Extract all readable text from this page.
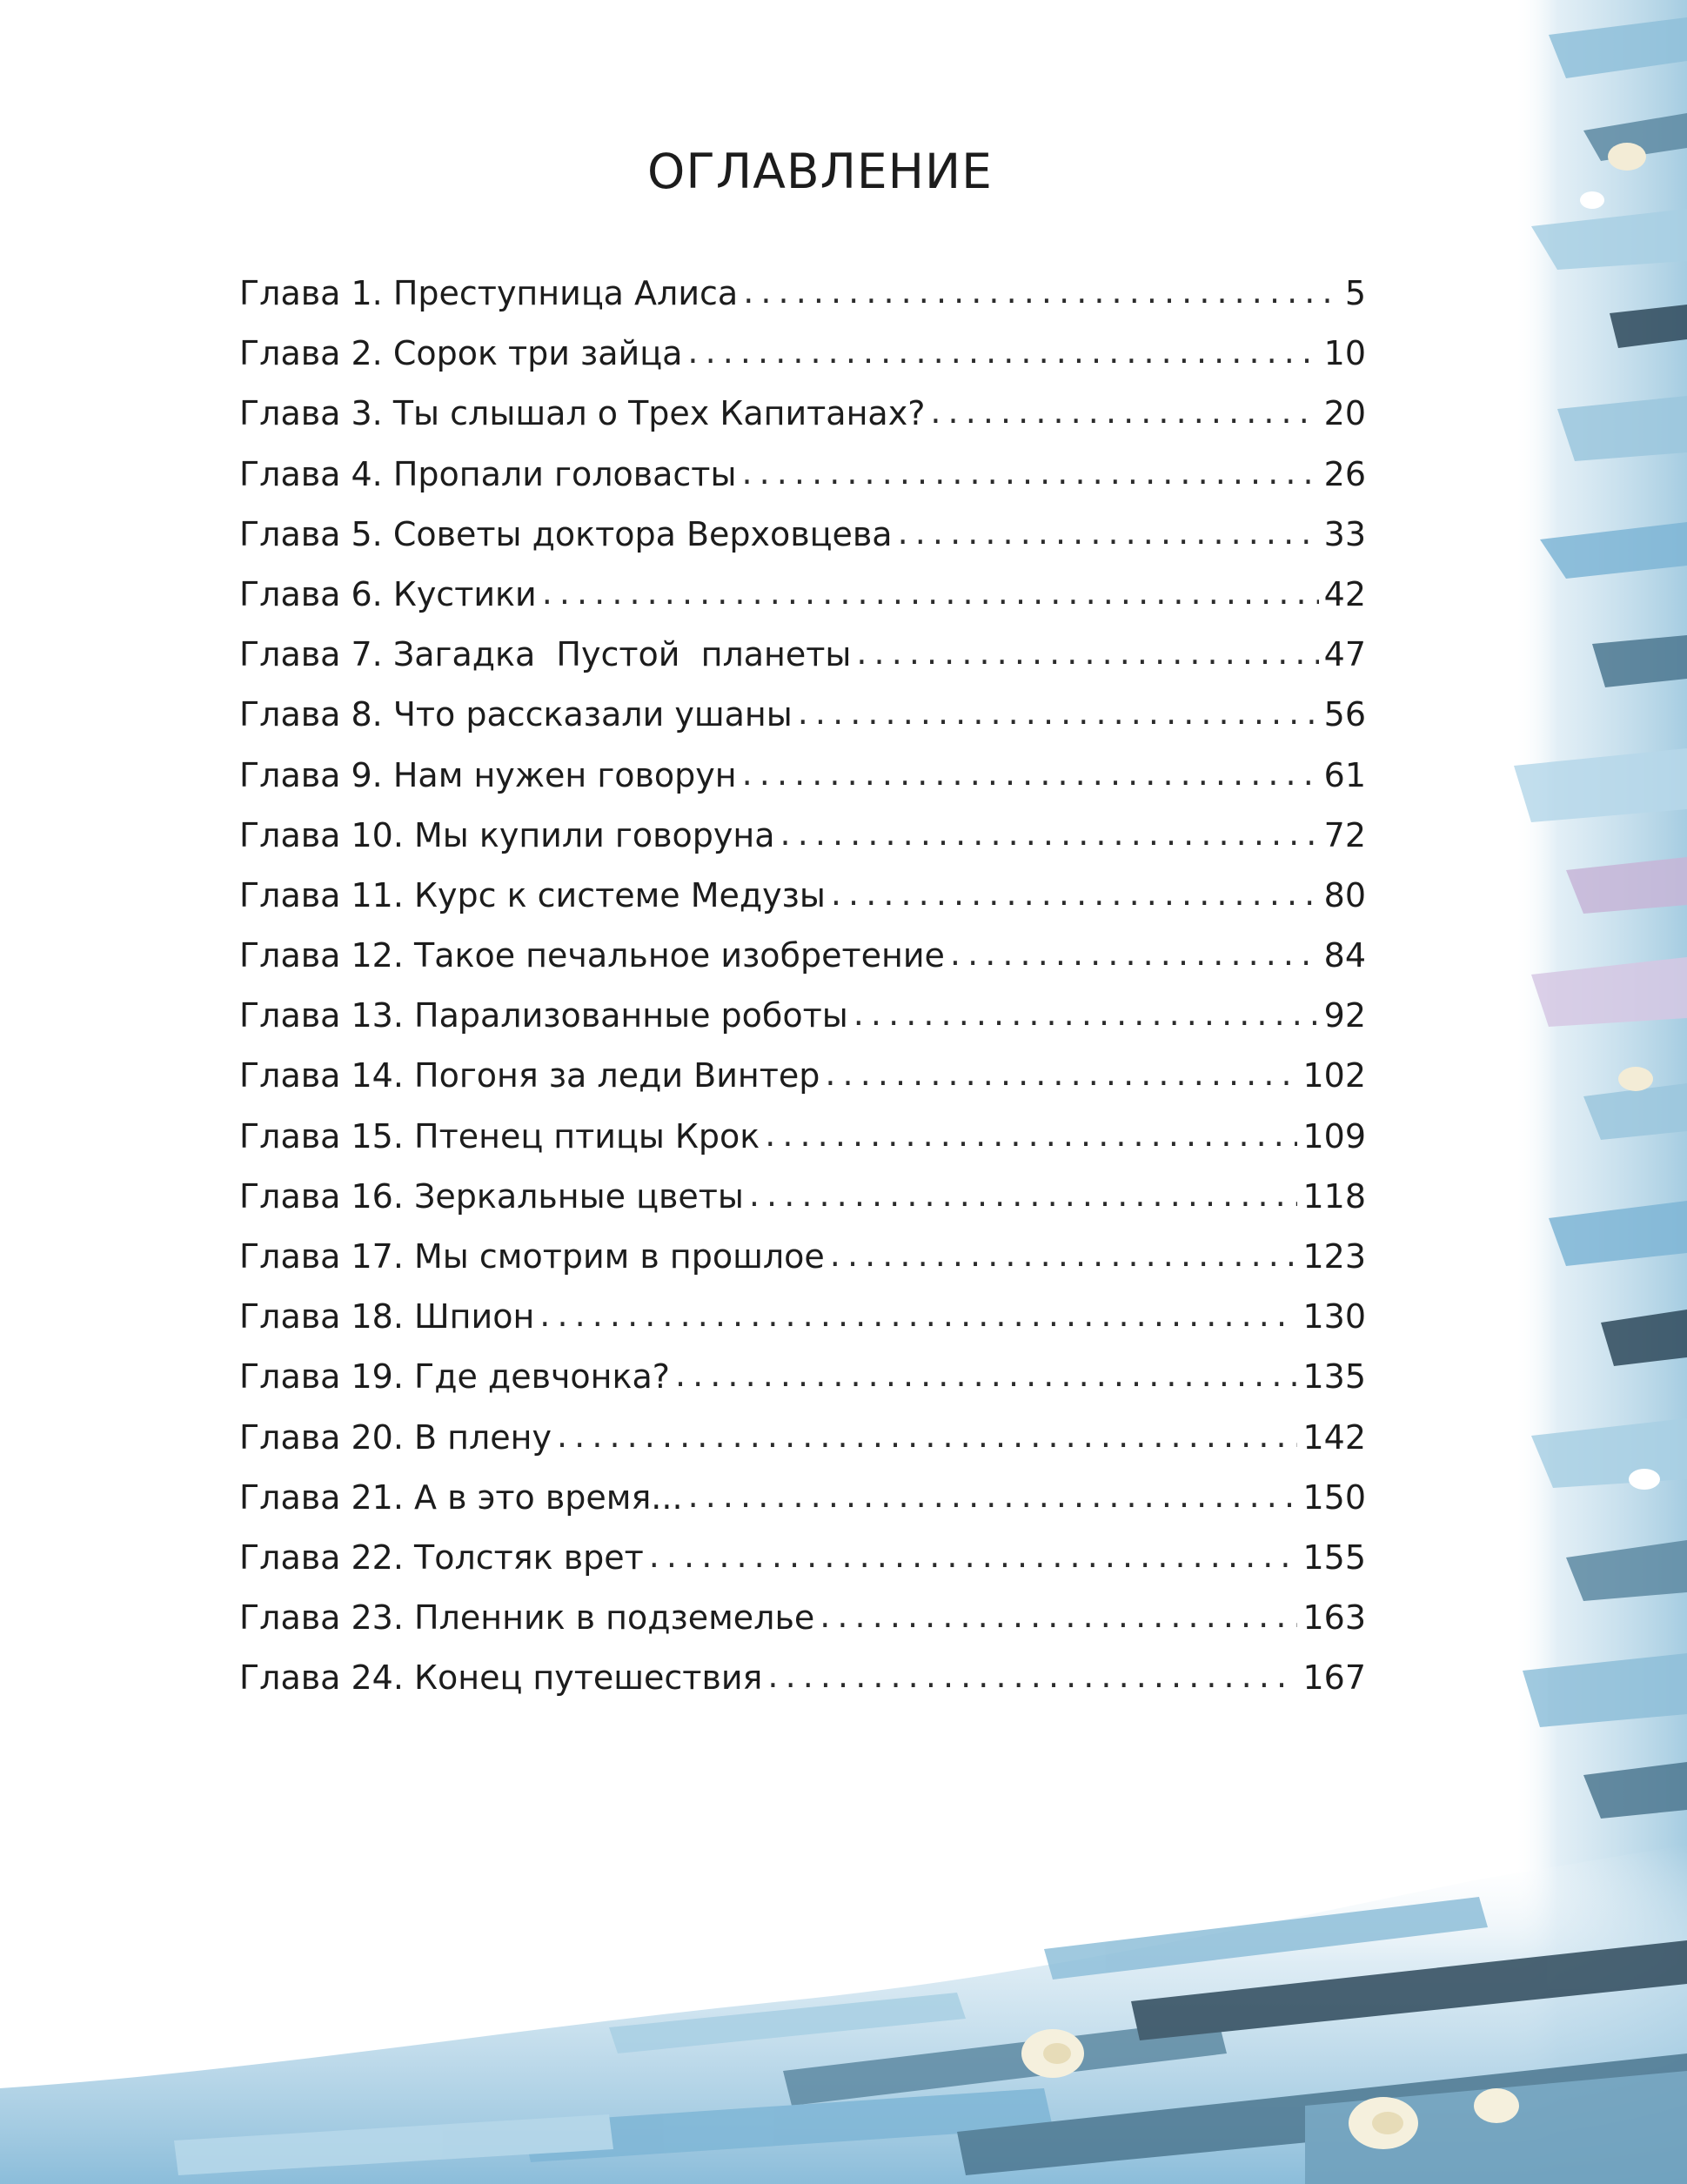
ОГЛАВЛЕНИЕ
Глава 1. Преступница Алиса . . .	5
Глава 2. Сорок три зайца . . .	10
Глава 3. Ты слышал о Трех Капитанах? . . .	20
Глава 4. Пропали головасты . . .	26
Глава 5. Советы доктора Верховцева . . .	33
Глава 6. Кустики . . .	42
Глава 7. Загадка  Пустой  планеты . . .	47
Глава 8. Что рассказали ушаны . . .	56
Глава 9. Нам нужен говорун . . .	61
Глава 10. Мы купили говоруна . . .	72
Глава 11. Курс к системе Медузы . . .	80
Глава 12. Такое печальное изобретение . . .	84
Глава 13. Парализованные роботы . . .	92
Глава 14. Погоня за леди Винтер . . .	102
Глава 15. Птенец птицы Крок . . .	109
Глава 16. Зеркальные цветы . . .	118
Глава 17. Мы смотрим в прошлое . . .	123
Глава 18. Шпион . . .	130
Глава 19. Где девчонка? . . .	135
Глава 20. В плену . . .	142
Глава 21. А в это время... . . .	150
Глава 22. Толстяк врет . . .	155
Глава 23. Пленник в подземелье . . .	163
Глава 24. Конец путешествия . . .	167
